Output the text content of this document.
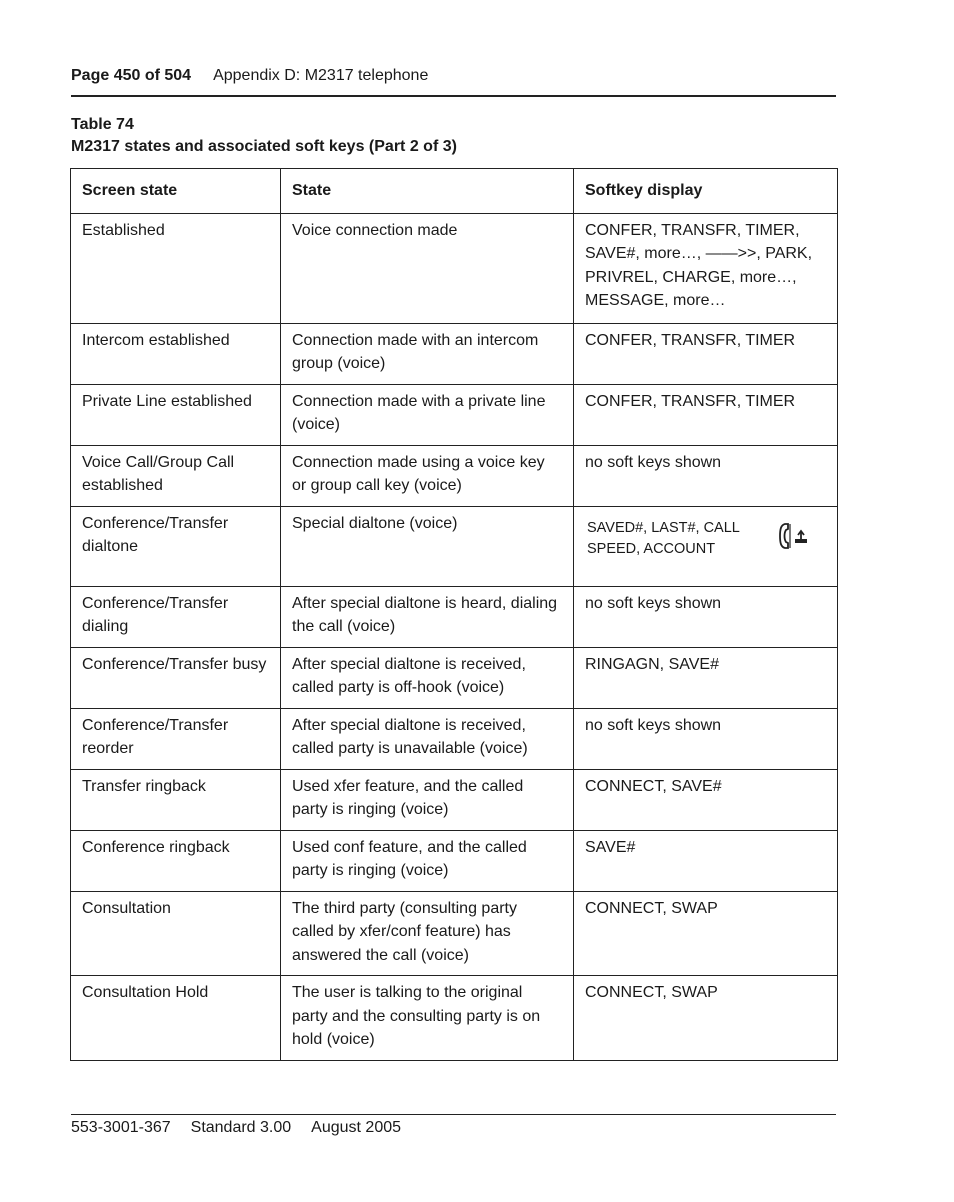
Page 450 of 504 Appendix D: M2317 telephone
Table 74
M2317 states and associated soft keys (Part 2 of 3)
Screen state	State	Softkey display
Established	Voice connection made	CONFER, TRANSFR, TIMER, SAVE#, more…, ——>>, PARK, PRIVREL, CHARGE, more…, MESSAGE, more…
Intercom established	Connection made with an intercom group (voice)	CONFER, TRANSFR, TIMER
Private Line established	Connection made with a private line (voice)	CONFER, TRANSFR, TIMER
Voice Call/Group Call established	Connection made using a voice key or group call key (voice)	no soft keys shown
Conference/Transfer dialtone	Special dialtone (voice)	SAVED#, LAST#, CALL SPEED, ACCOUNT

Conference/Transfer dialing	After special dialtone is heard, dialing the call (voice)	no soft keys shown
Conference/Transfer busy	After special dialtone is received, called party is off-hook (voice)	RINGAGN, SAVE#
Conference/Transfer reorder	After special dialtone is received, called party is unavailable (voice)	no soft keys shown
Transfer ringback	Used xfer feature, and the called party is ringing (voice)	CONNECT, SAVE#
Conference ringback	Used conf feature, and the called party is ringing (voice)	SAVE#
Consultation	The third party (consulting party called by xfer/conf feature) has answered the call (voice)	CONNECT, SWAP
Consultation Hold	The user is talking to the original party and the consulting party is on hold (voice)	CONNECT, SWAP
553-3001-367 Standard 3.00 August 2005
